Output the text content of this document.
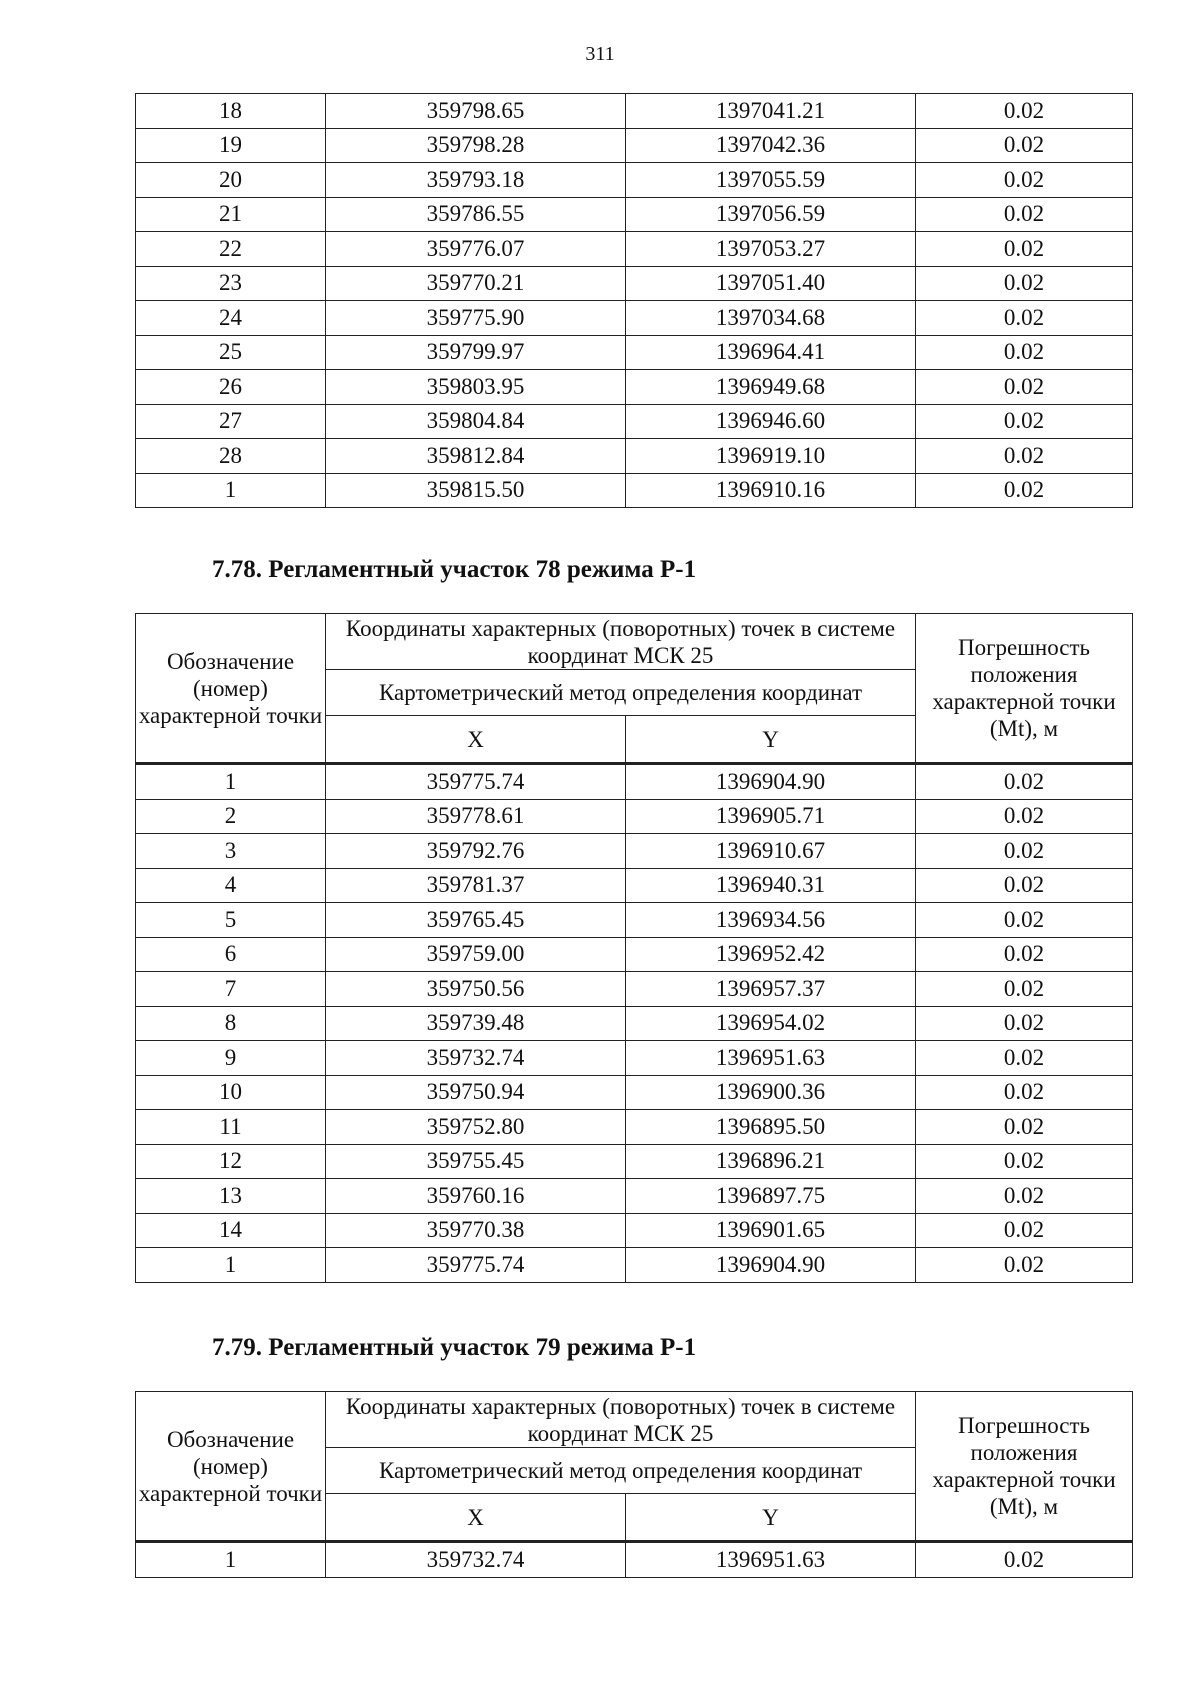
311
18	359798.65	1397041.21	0.02
19	359798.28	1397042.36	0.02
20	359793.18	1397055.59	0.02
21	359786.55	1397056.59	0.02
22	359776.07	1397053.27	0.02
23	359770.21	1397051.40	0.02
24	359775.90	1397034.68	0.02
25	359799.97	1396964.41	0.02
26	359803.95	1396949.68	0.02
27	359804.84	1396946.60	0.02
28	359812.84	1396919.10	0.02
1	359815.50	1396910.16	0.02
7.78. Регламентный участок 78 режима Р-1
Обозначение (номер) характерной точки	Координаты характерных (поворотных) точек в системе координат МСК 25		Погрешность положения характерной точки (Mt), м
	Картометрический метод определения координат		
	X	Y	
1	359775.74	1396904.90	0.02
2	359778.61	1396905.71	0.02
3	359792.76	1396910.67	0.02
4	359781.37	1396940.31	0.02
5	359765.45	1396934.56	0.02
6	359759.00	1396952.42	0.02
7	359750.56	1396957.37	0.02
8	359739.48	1396954.02	0.02
9	359732.74	1396951.63	0.02
10	359750.94	1396900.36	0.02
11	359752.80	1396895.50	0.02
12	359755.45	1396896.21	0.02
13	359760.16	1396897.75	0.02
14	359770.38	1396901.65	0.02
1	359775.74	1396904.90	0.02
7.79. Регламентный участок 79 режима Р-1
Обозначение (номер) характерной точки	Координаты характерных (поворотных) точек в системе координат МСК 25		Погрешность положения характерной точки (Mt), м
	Картометрический метод определения координат		
	X	Y	
1	359732.74	1396951.63	0.02
